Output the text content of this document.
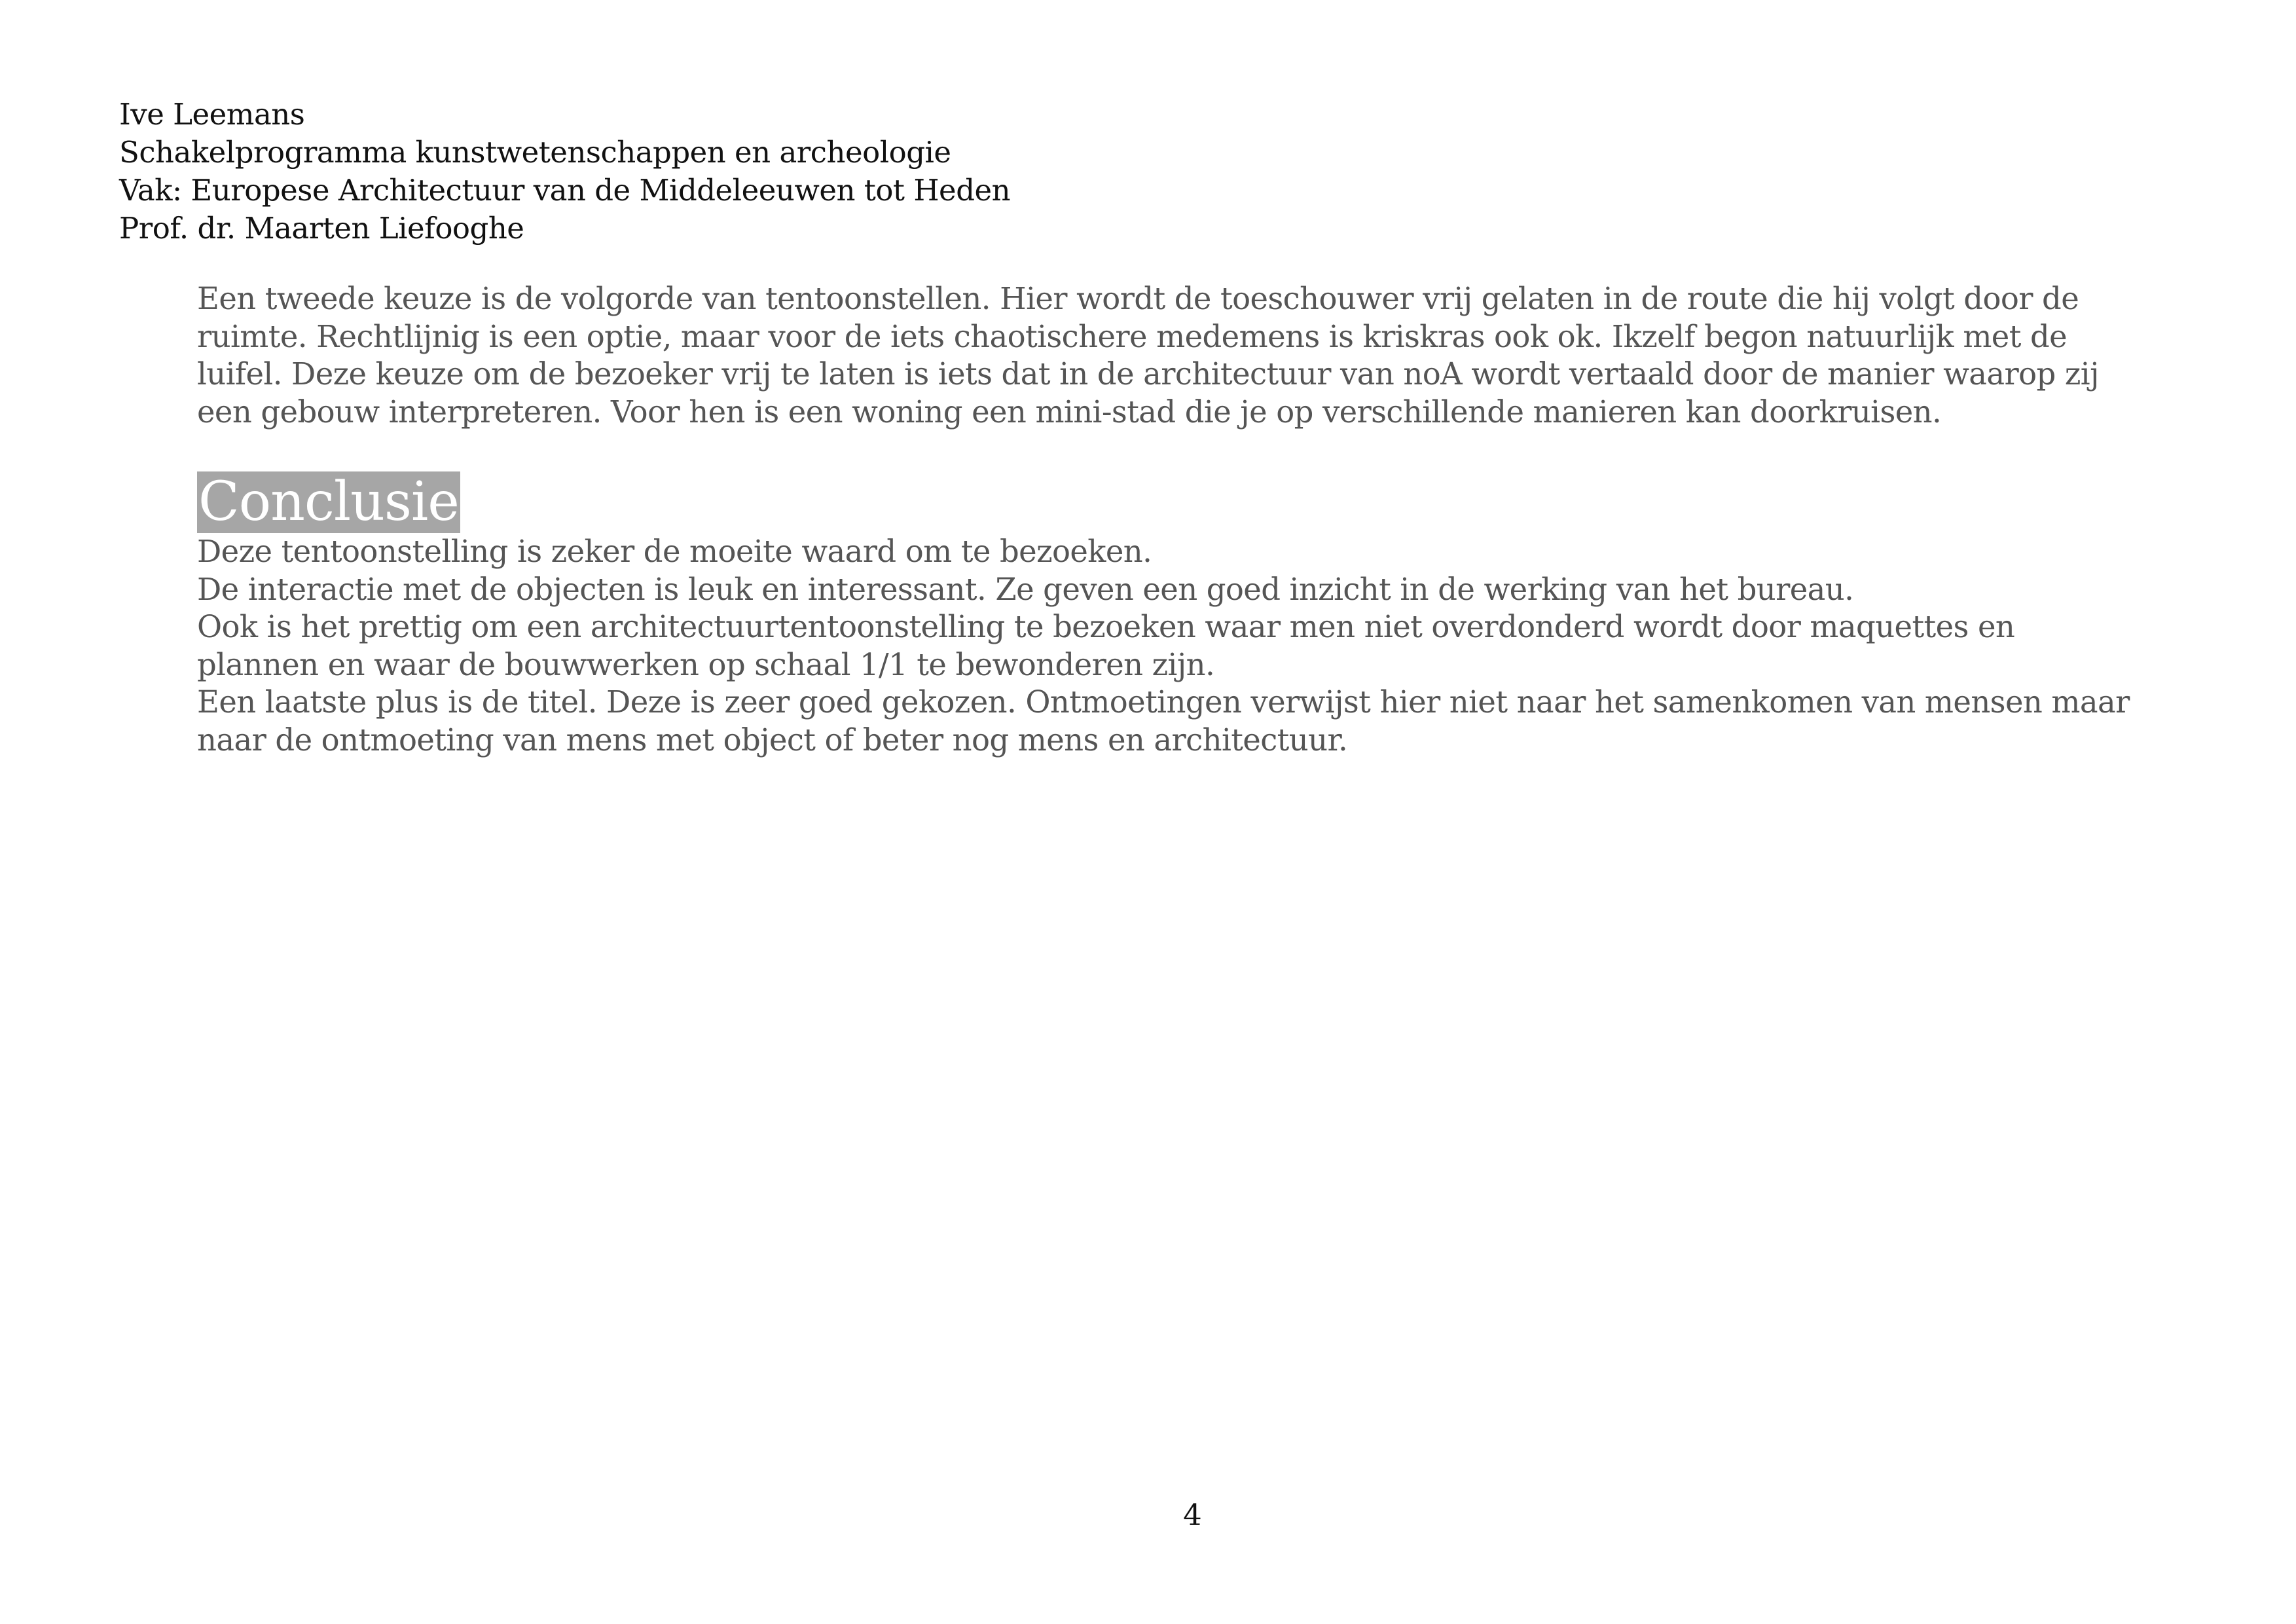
Ive Leemans
Schakelprogramma kunstwetenschappen en archeologie
Vak: Europese Architectuur van de Middeleeuwen tot Heden
Prof. dr. Maarten Liefooghe
Een tweede keuze is de volgorde van tentoonstellen. Hier wordt de toeschouwer vrij gelaten in de route die hij volgt door de
ruimte. Rechtlijnig is een optie, maar voor de iets chaotischere medemens is kriskras ook ok. Ikzelf begon natuurlijk met de
luifel. Deze keuze om de bezoeker vrij te laten is iets dat in de architectuur van noA wordt vertaald door de manier waarop zij
een gebouw interpreteren. Voor hen is een woning een mini-stad die je op verschillende manieren kan doorkruisen.
Conclusie
Deze tentoonstelling is zeker de moeite waard om te bezoeken.
De interactie met de objecten is leuk en interessant. Ze geven een goed inzicht in de werking van het bureau.
Ook is het prettig om een architectuurtentoonstelling te bezoeken waar men niet overdonderd wordt door maquettes en
plannen en waar de bouwwerken op schaal 1/1 te bewonderen zijn.
Een laatste plus is de titel. Deze is zeer goed gekozen. Ontmoetingen verwijst hier niet naar het samenkomen van mensen maar
naar de ontmoeting van mens met object of beter nog mens en architectuur.
4
